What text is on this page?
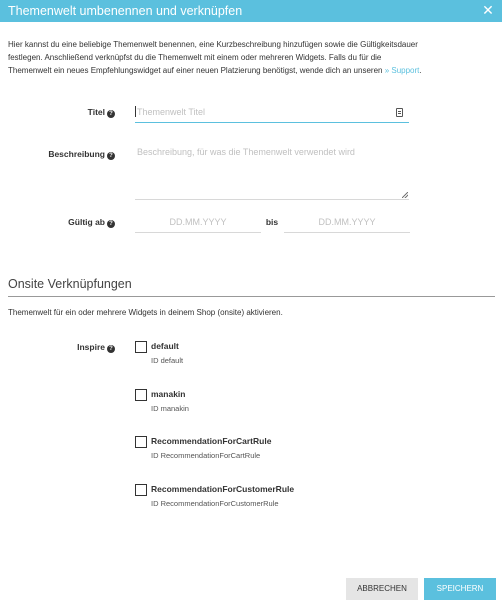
Themenwelt umbenennen und verknüpfen	✕
Hier kannst du eine beliebige Themenwelt benennen, eine Kurzbeschreibung hinzufügen sowie die Gültigkeitsdauer
festlegen. Anschließend verknüpfst du die Themenwelt mit einem oder mehreren Widgets. Falls du für die
Themenwelt ein neues Empfehlungswidget auf einer neuen Platzierung benötigst, wende dich an unseren » Support.
Titel ?	Themenwelt Titel
Beschreibung ?	Beschreibung, für was die Themenwelt verwendet wird
Gültig ab ?	DD.MM.YYYY	bis	DD.MM.YYYY
Onsite Verknüpfungen
Themenwelt für ein oder mehrere Widgets in deinem Shop (onsite) aktivieren.
Inspire ?	default
ID default
manakin
ID manakin
RecommendationForCartRule
ID RecommendationForCartRule
RecommendationForCustomerRule
ID RecommendationForCustomerRule
ABBRECHEN	SPEICHERN
